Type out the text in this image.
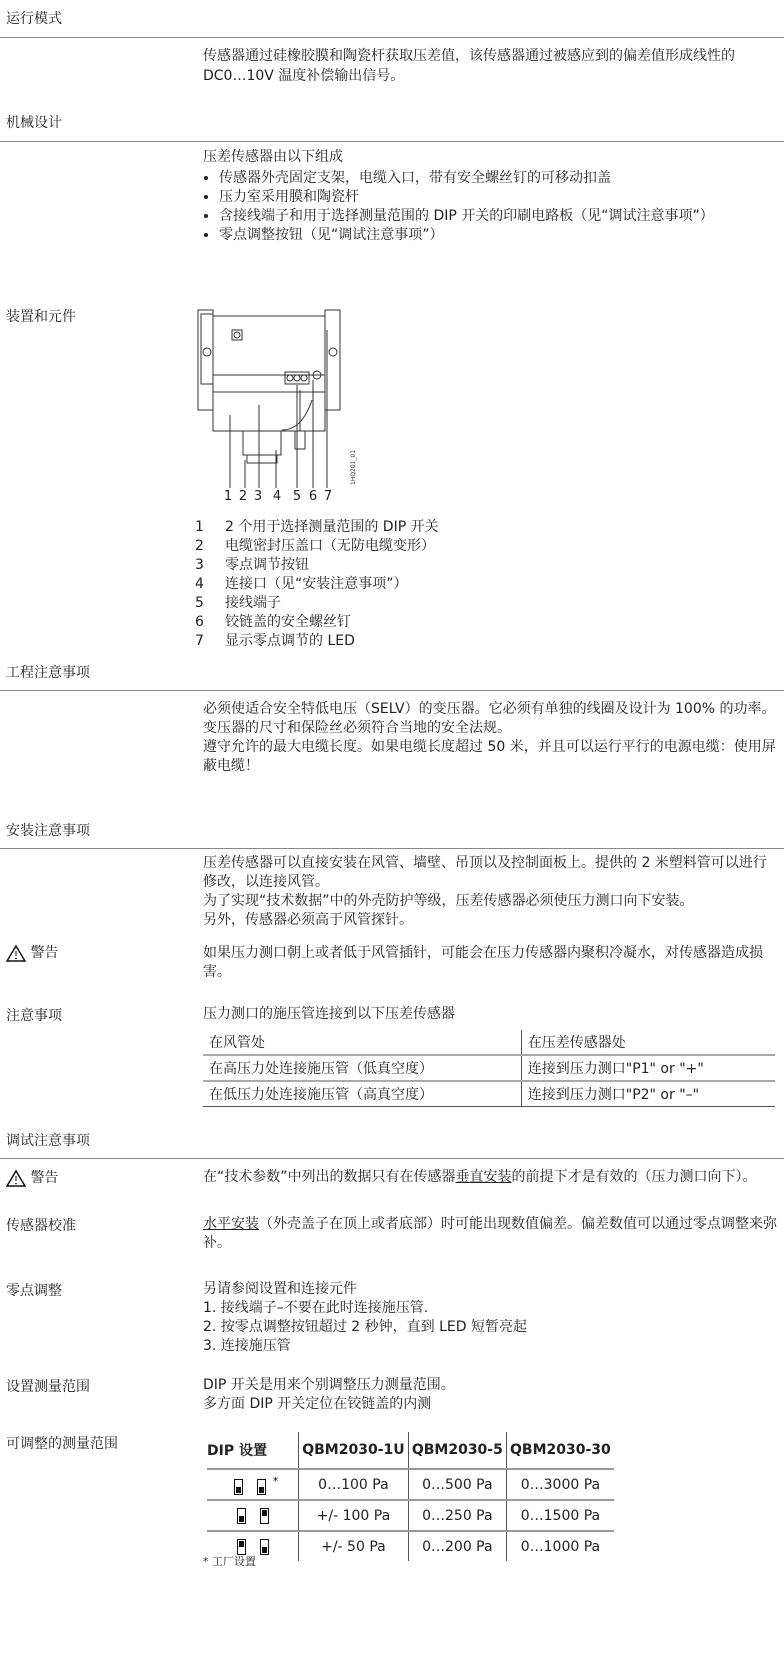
运行模式
传感器通过硅橡胶膜和陶瓷杆获取压差值，该传感器通过被感应到的偏差值形成线性的 DC0…10V 温度补偿输出信号。
机械设计
压差传感器由以下组成
• 传感器外壳固定支架，电缆入口，带有安全螺丝钉的可移动扣盖
• 压力室采用膜和陶瓷杆
• 含接线端子和用于选择测量范围的 DIP 开关的印刷电路板（见“调试注意事项”）
• 零点调整按钮（见“调试注意事项”）
装置和元件
1HQ201_01
1 2 3 4 5 6 7
1 2 个用于选择测量范围的 DIP 开关
2 电缆密封压盖口（无防电缆变形）
3 零点调节按钮
4 连接口（见“安装注意事项”）
5 接线端子
6 铰链盖的安全螺丝钉
7 显示零点调节的 LED
工程注意事项
必须使适合安全特低电压（SELV）的变压器。它必须有单独的线圈及设计为 100% 的功率。变压器的尺寸和保险丝必须符合当地的安全法规。
遵守允许的最大电缆长度。如果电缆长度超过 50 米，并且可以运行平行的电源电缆：使用屏蔽电缆！
安装注意事项
压差传感器可以直接安装在风管、墙壁、吊顶以及控制面板上。提供的 2 米塑料管可以进行修改，以连接风管。
为了实现“技术数据”中的外壳防护等级，压差传感器必须使压力测口向下安装。
另外，传感器必须高于风管探针。
警告	如果压力测口朝上或者低于风管插针，可能会在压力传感器内聚积冷凝水，对传感器造成损害。
注意事项	压力测口的施压管连接到以下压差传感器
在风管处	在压差传感器处
在高压力处连接施压管（低真空度）	连接到压力测口"P1" or "+"
在低压力处连接施压管（高真空度）	连接到压力测口"P2" or "–"
调试注意事项
警告	在“技术参数”中列出的数据只有在传感器垂直安装的前提下才是有效的（压力测口向下）。
传感器校准	水平安装（外壳盖子在顶上或者底部）时可能出现数值偏差。偏差数值可以通过零点调整来弥补。
零点调整	另请参阅设置和连接元件
1. 接线端子–不要在此时连接施压管.
2. 按零点调整按钮超过 2 秒钟，直到 LED 短暂亮起
3. 连接施压管
设置测量范围	DIP 开关是用来个别调整压力测量范围。
多方面 DIP 开关定位在铰链盖的内测
可调整的测量范围	DIP 设置	QBM2030-1U	QBM2030-5	QBM2030-30

*	0…100 Pa	0…500 Pa	0…3000 Pa

	+/- 100 Pa	0…250 Pa	0…1500 Pa

	+/- 50 Pa	0…200 Pa	0…1000 Pa
* 工厂设置
